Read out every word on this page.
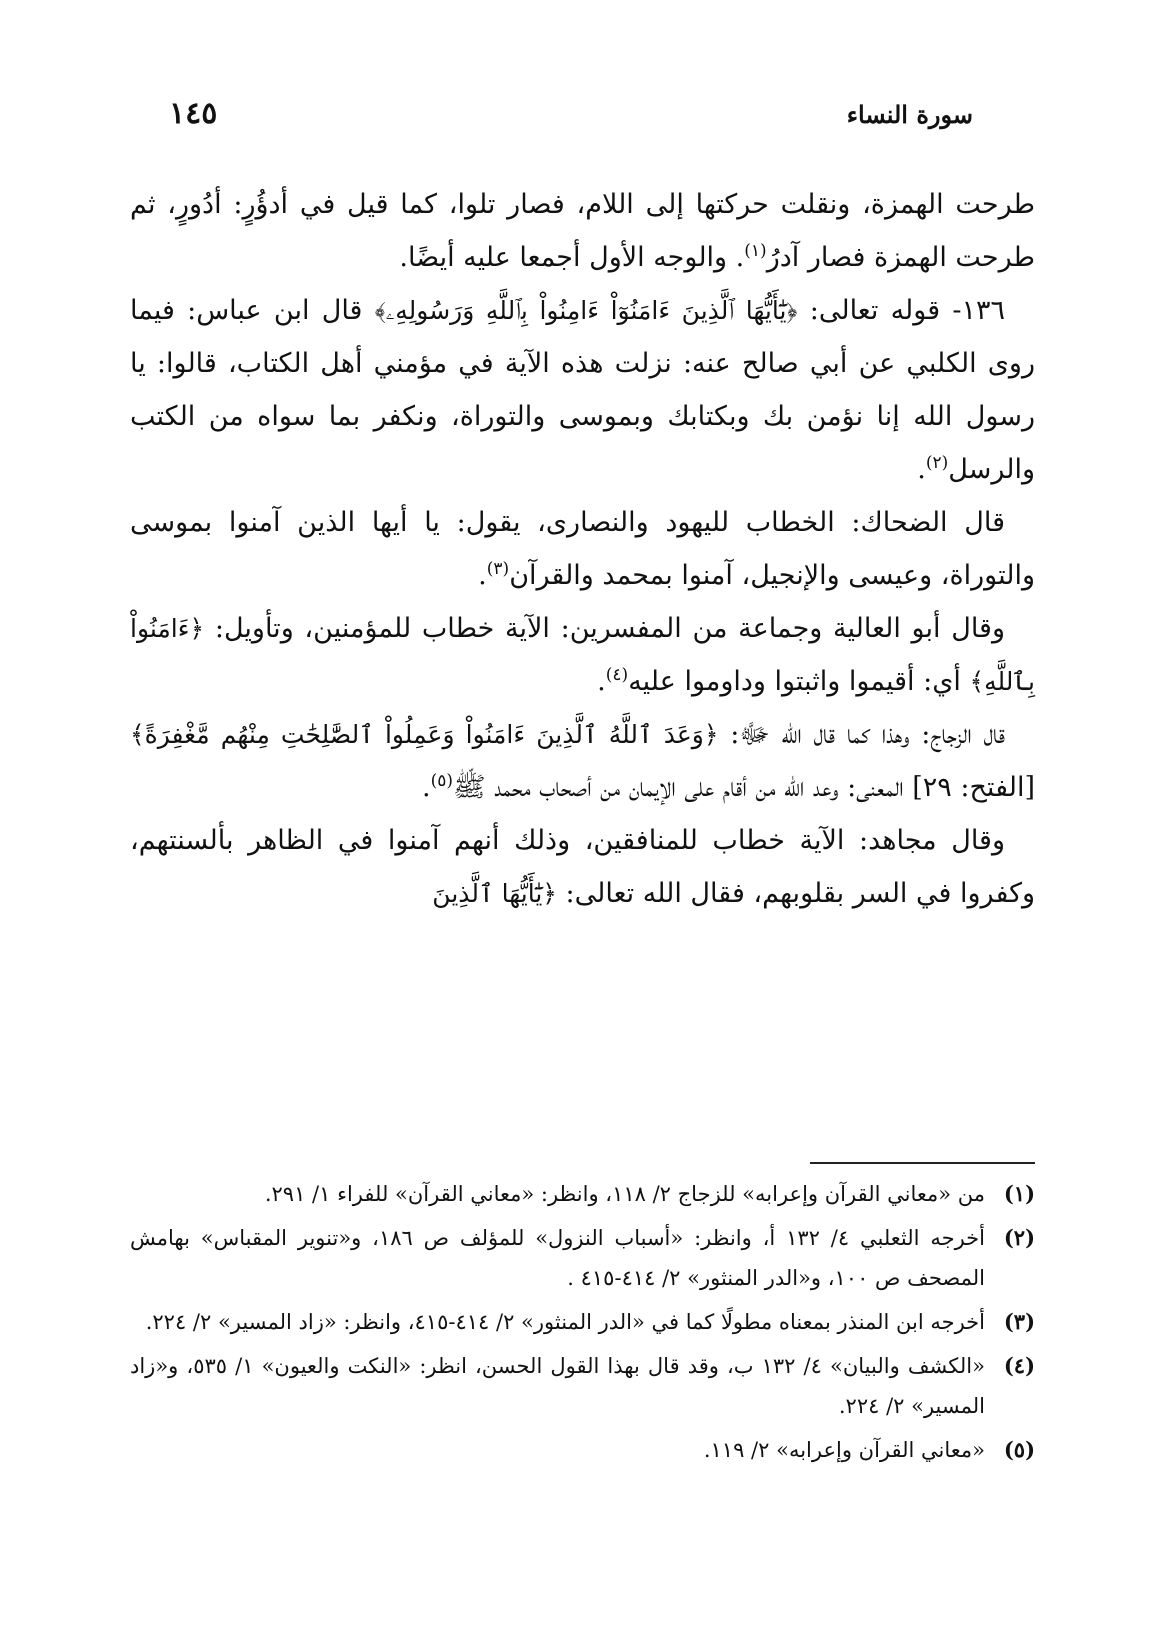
١٤٥	سورة النساء

طرحت الهمزة، ونقلت حركتها إلى اللام، فصار تلوا، كما قيل في أدؤُرٍ: أدُورٍ، ثم طرحت الهمزة فصار آدرُ$^{(١)}$. والوجه الأول أجمعا عليه أيضًا.

١٣٦- قوله تعالى: ﴿يَٰٓأَيُّهَا ٱلَّذِينَ ءَامَنُوٓاْ ءَامِنُواْ بِٱللَّهِ وَرَسُولِهِۦ﴾ قال ابن عباس: فيما روى الكلبي عن أبي صالح عنه: نزلت هذه الآية في مؤمني أهل الكتاب، قالوا: يا رسول الله إنا نؤمن بك وبكتابك وبموسى والتوراة، ونكفر بما سواه من الكتب والرسل$^{(٢)}$.

قال الضحاك: الخطاب لليهود والنصارى، يقول: يا أيها الذين آمنوا بموسى والتوراة، وعيسى والإنجيل، آمنوا بمحمد والقرآن$^{(٣)}$.

وقال أبو العالية وجماعة من المفسرين: الآية خطاب للمؤمنين، وتأويل: ﴿ءَامَنُواْ بِٱللَّهِ﴾ أي: أقيموا واثبتوا وداوموا عليه$^{(٤)}$.

قال الزجاج: وهذا كما قال الله ﷻ: ﴿وَعَدَ ٱللَّهُ ٱلَّذِينَ ءَامَنُواْ وَعَمِلُواْ ٱلصَّٰلِحَٰتِ مِنْهُم مَّغْفِرَةً﴾ [الفتح: ٢٩] المعنى: وعد الله من أقام على الإيمان من أصحاب محمد ﷺ$^{(٥)}$.

وقال مجاهد: الآية خطاب للمنافقين، وذلك أنهم آمنوا في الظاهر بألسنتهم، وكفروا في السر بقلوبهم، فقال الله تعالى: ﴿يَٰٓأَيُّهَا ٱلَّذِينَ

(١)
من «معاني القرآن وإعرابه» للزجاج ٢/ ١١٨، وانظر: «معاني القرآن» للفراء ١/ ٢٩١.
(٢)
أخرجه الثعلبي ٤/ ١٣٢ أ، وانظر: «أسباب النزول» للمؤلف ص ١٨٦، و«تنوير المقباس» بهامش المصحف ص ١٠٠، و«الدر المنثور» ٢/ ٤١٤-٤١٥ .
(٣)
أخرجه ابن المنذر بمعناه مطولًا كما في «الدر المنثور» ٢/ ٤١٤-٤١٥، وانظر: «زاد المسير» ٢/ ٢٢٤.
(٤)
«الكشف والبيان» ٤/ ١٣٢ ب، وقد قال بهذا القول الحسن، انظر: «النكت والعيون» ١/ ٥٣٥، و«زاد المسير» ٢/ ٢٢٤.
(٥)
«معاني القرآن وإعرابه» ٢/ ١١٩.
